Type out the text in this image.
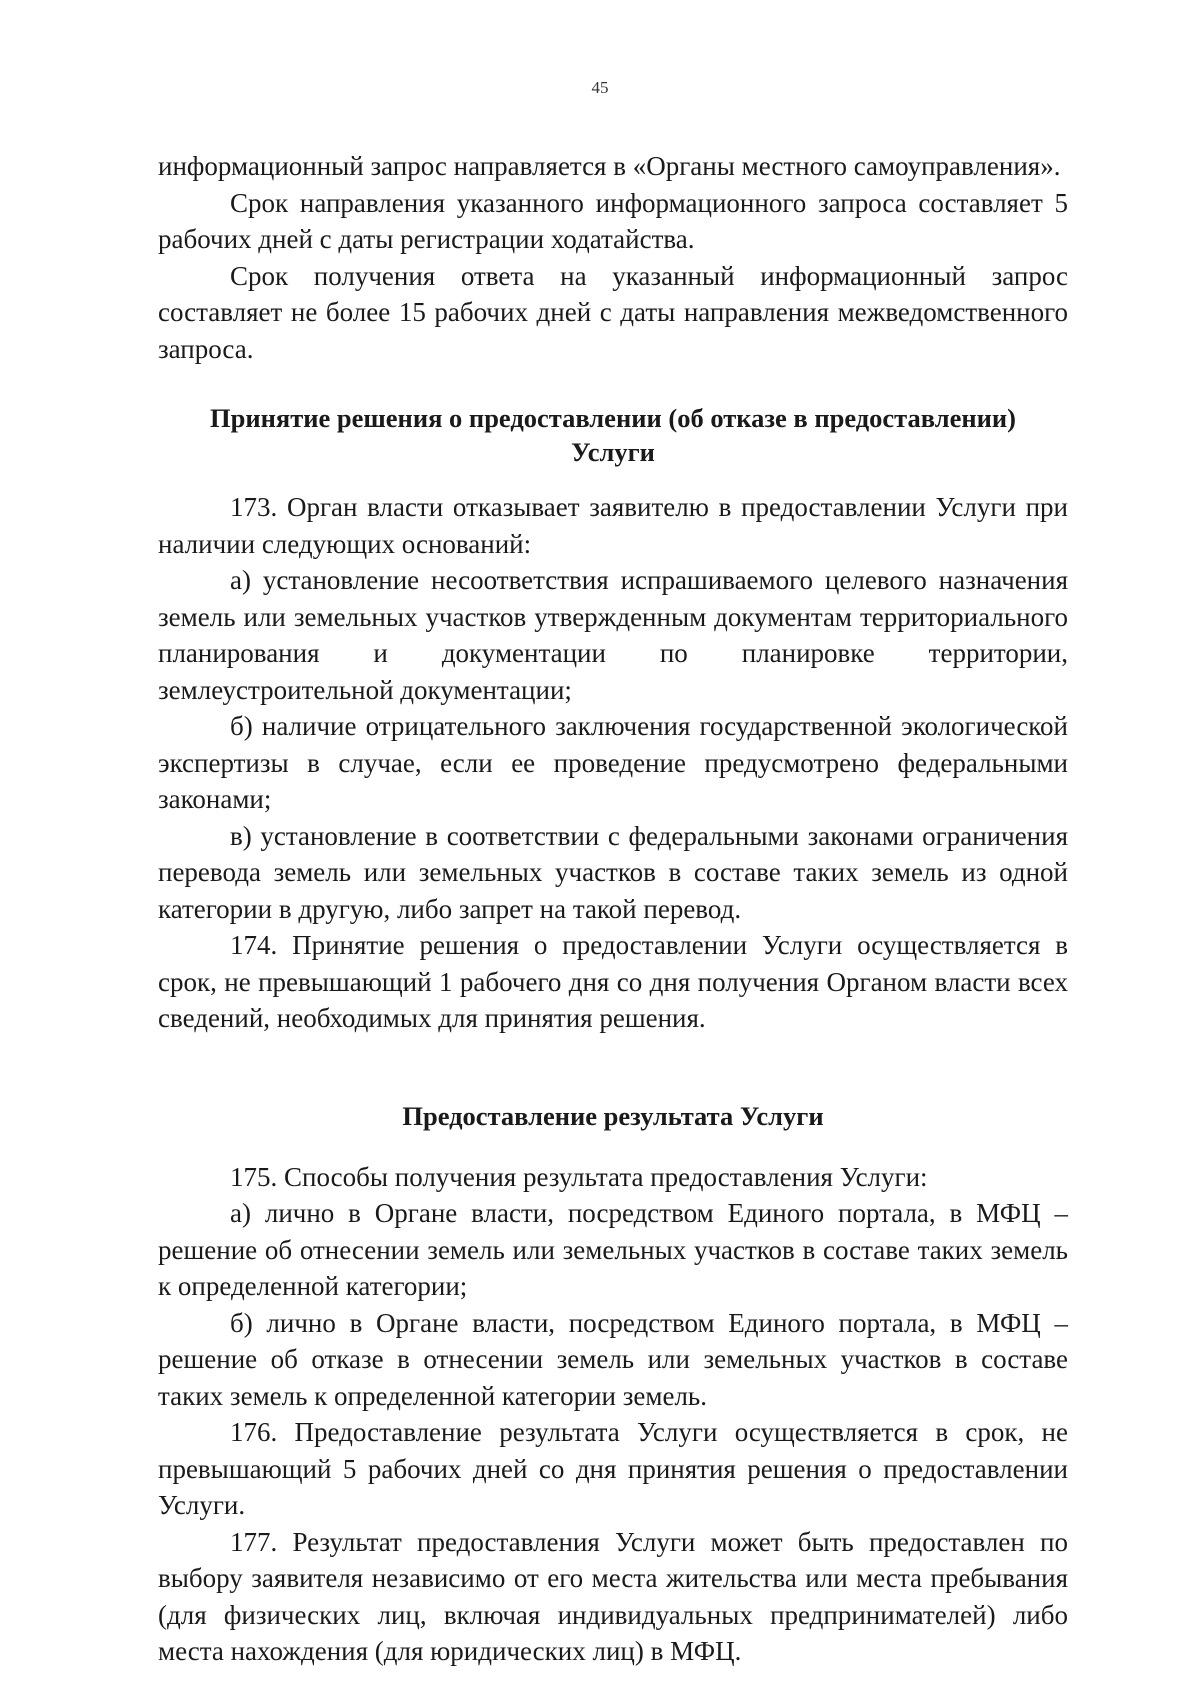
45

информационный запрос направляется в «Органы местного самоуправления».

Срок направления указанного информационного запроса составляет 5 рабочих дней с даты регистрации ходатайства.

Срок получения ответа на указанный информационный запрос составляет не более 15 рабочих дней с даты направления межведомственного запроса.

Принятие решения о предоставлении (об отказе в предоставлении)
Услуги

173. Орган власти отказывает заявителю в предоставлении Услуги при наличии следующих оснований:

а) установление несоответствия испрашиваемого целевого назначения земель или земельных участков утвержденным документам территориального планирования и документации по планировке территории, землеустроительной документации;

б) наличие отрицательного заключения государственной экологической экспертизы в случае, если ее проведение предусмотрено федеральными законами;

в) установление в соответствии с федеральными законами ограничения перевода земель или земельных участков в составе таких земель из одной категории в другую, либо запрет на такой перевод.

174. Принятие решения о предоставлении Услуги осуществляется в срок, не превышающий 1 рабочего дня со дня получения Органом власти всех сведений, необходимых для принятия решения.

Предоставление результата Услуги

175. Способы получения результата предоставления Услуги:

а) лично в Органе власти, посредством Единого портала, в МФЦ – решение об отнесении земель или земельных участков в составе таких земель к определенной категории;

б) лично в Органе власти, посредством Единого портала, в МФЦ – решение об отказе в отнесении земель или земельных участков в составе таких земель к определенной категории земель.

176. Предоставление результата Услуги осуществляется в срок, не превышающий 5 рабочих дней со дня принятия решения о предоставлении Услуги.

177. Результат предоставления Услуги может быть предоставлен по выбору заявителя независимо от его места жительства или места пребывания (для физических лиц, включая индивидуальных предпринимателей) либо места нахождения (для юридических лиц) в МФЦ.
